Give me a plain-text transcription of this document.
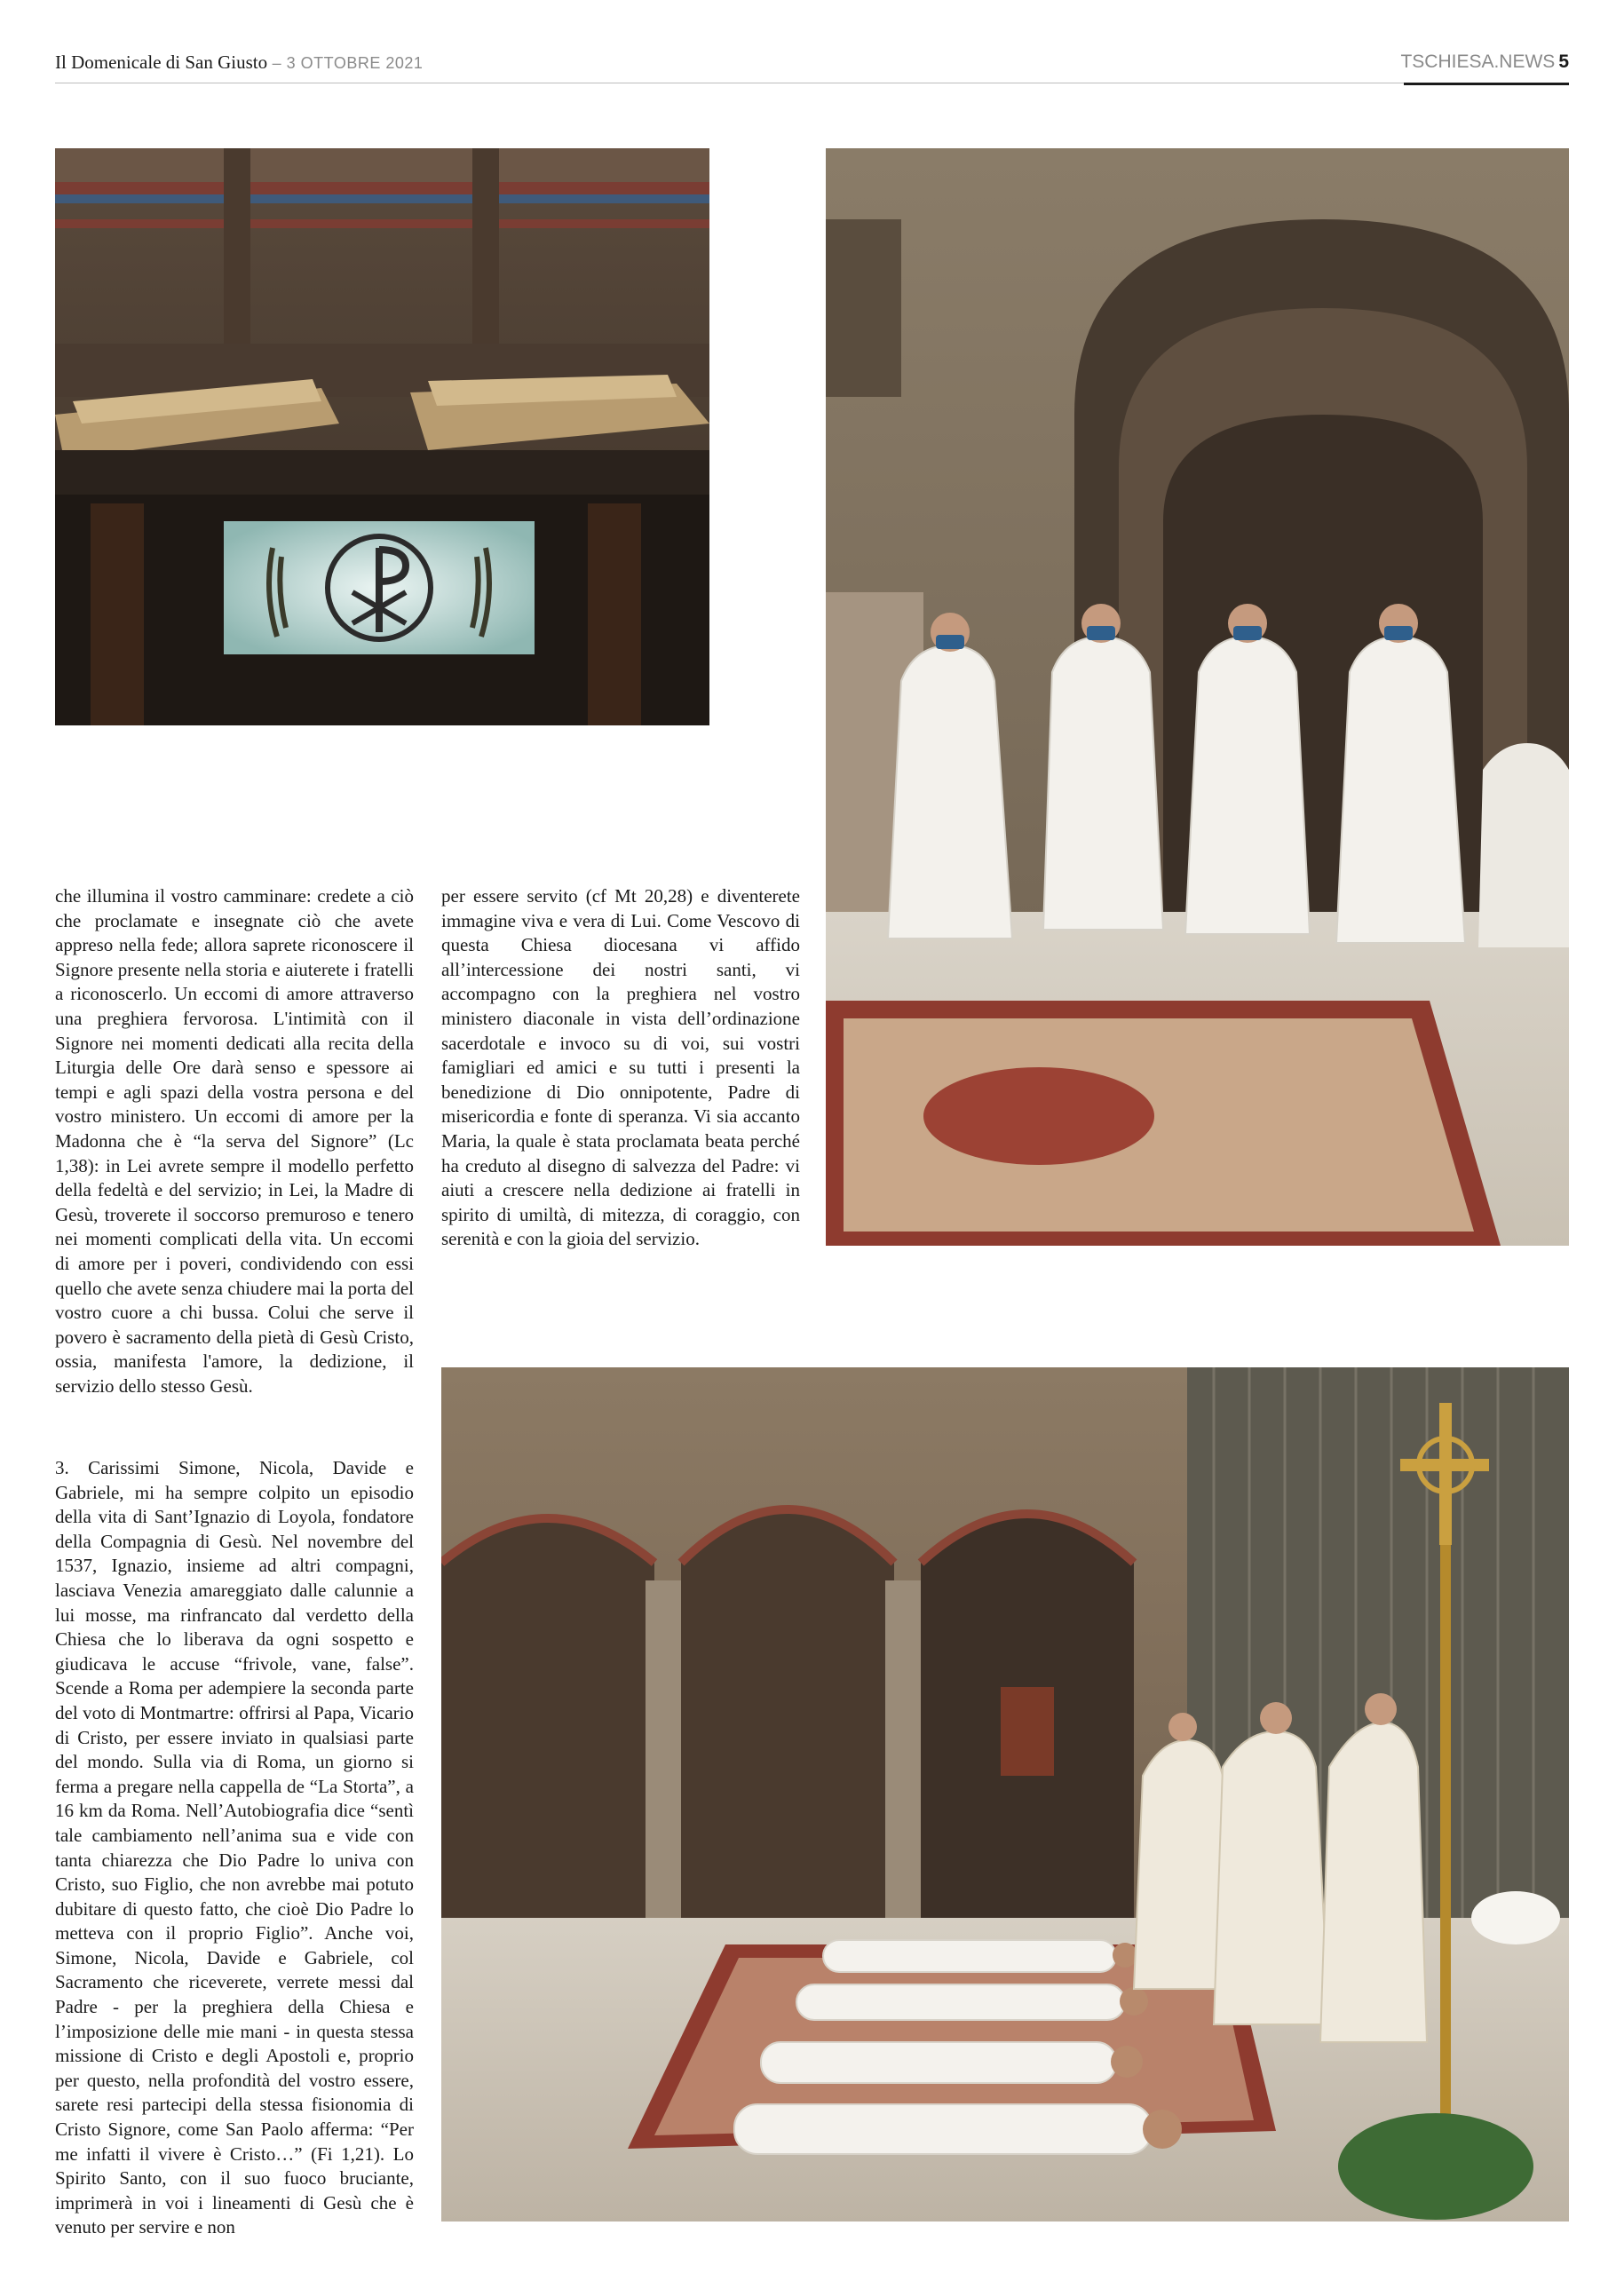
Il Domenicale di San Giusto – 3 OTTOBRE 2021	TSCHIESA.NEWS 5

che illumina il vostro camminare: credete a ciò che proclamate e insegnate ciò che avete appreso nella fede; allora saprete riconoscere il Signore presente nella storia e aiuterete i fratelli a riconoscerlo. Un eccomi di amore attraverso una preghiera fervorosa. L'intimità con il Signore nei momenti dedicati alla recita della Liturgia delle Ore darà senso e spessore ai tempi e agli spazi della vostra persona e del vostro ministero. Un eccomi di amore per la Madonna che è “la serva del Signore” (Lc 1,38): in Lei avrete sempre il modello perfetto della fedeltà e del servizio; in Lei, la Madre di Gesù, troverete il soccorso premuroso e tenero nei momenti complicati della vita. Un eccomi di amore per i poveri, condividendo con essi quello che avete senza chiudere mai la porta del vostro cuore a chi bussa. Colui che serve il povero è sacramento della pietà di Gesù Cristo, ossia, manifesta l'amore, la dedizione, il servizio dello stesso Gesù.

3. Carissimi Simone, Nicola, Davide e Gabriele, mi ha sempre colpito un episodio della vita di Sant’Ignazio di Loyola, fondatore della Compagnia di Gesù. Nel novembre del 1537, Ignazio, insieme ad altri compagni, lasciava Venezia amareggiato dalle calunnie a lui mosse, ma rinfrancato dal verdetto della Chiesa che lo liberava da ogni sospetto e giudicava le accuse “frivole, vane, false”. Scende a Roma per adempiere la seconda parte del voto di Montmartre: offrirsi al Papa, Vicario di Cristo, per essere inviato in qualsiasi parte del mondo. Sulla via di Roma, un giorno si ferma a pregare nella cappella de “La Storta”, a 16 km da Roma. Nell’Autobiografia dice “sentì tale cambiamento nell’anima sua e vide con tanta chiarezza che Dio Padre lo univa con Cristo, suo Figlio, che non avrebbe mai potuto dubitare di questo fatto, che cioè Dio Padre lo metteva con il proprio Figlio”. Anche voi, Simone, Nicola, Davide e Gabriele, col Sacramento che riceverete, verrete messi dal Padre - per la preghiera della Chiesa e l’imposizione delle mie mani - in questa stessa missione di Cristo e degli Apostoli e, proprio per questo, nella profondità del vostro essere, sarete resi partecipi della stessa fisionomia di Cristo Signore, come San Paolo afferma: “Per me infatti il vivere è Cristo…” (Fi 1,21). Lo Spirito Santo, con il suo fuoco bruciante, imprimerà in voi i lineamenti di Gesù che è venuto per servire e non

per essere servito (cf Mt 20,28) e diventerete immagine viva e vera di Lui. Come Vescovo di questa Chiesa diocesana vi affido all’intercessione dei nostri santi, vi accompagno con la preghiera nel vostro ministero diaconale in vista dell’ordinazione sacerdotale e invoco su di voi, sui vostri famigliari ed amici e su tutti i presenti la benedizione di Dio onnipotente, Padre di misericordia e fonte di speranza. Vi sia accanto Maria, la quale è stata proclamata beata perché ha creduto al disegno di salvezza del Padre: vi aiuti a crescere nella dedizione ai fratelli in spirito di umiltà, di mitezza, di coraggio, con serenità e con la gioia del servizio.
